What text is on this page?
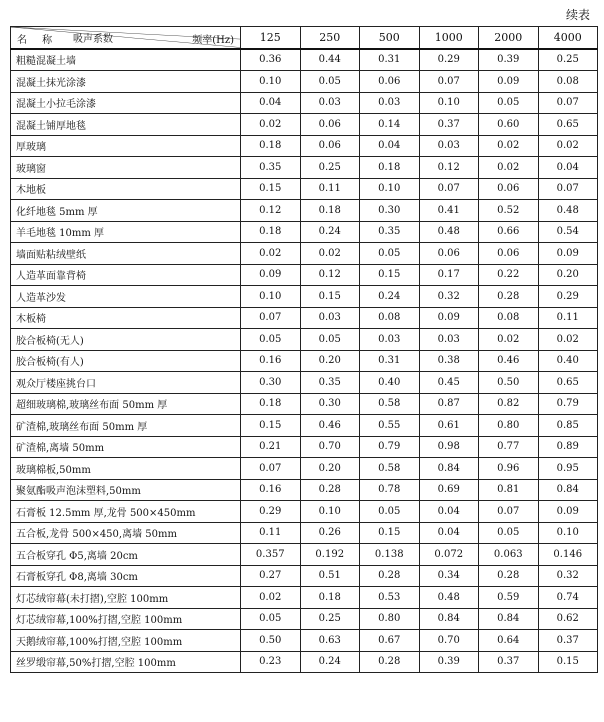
续表
吸声系数 频率(Hz)
名 称	125	250	500	1000	2000	4000
粗糙混凝土墙	0.36	0.44	0.31	0.29	0.39	0.25
混凝土抹光涂漆	0.10	0.05	0.06	0.07	0.09	0.08
混凝土小拉毛涂漆	0.04	0.03	0.03	0.10	0.05	0.07
混凝土铺厚地毯	0.02	0.06	0.14	0.37	0.60	0.65
厚玻璃	0.18	0.06	0.04	0.03	0.02	0.02
玻璃窗	0.35	0.25	0.18	0.12	0.02	0.04
木地板	0.15	0.11	0.10	0.07	0.06	0.07
化纤地毯 5mm 厚	0.12	0.18	0.30	0.41	0.52	0.48
羊毛地毯 10mm 厚	0.18	0.24	0.35	0.48	0.66	0.54
墙面贴粘绒壁纸	0.02	0.02	0.05	0.06	0.06	0.09
人造革面靠背椅	0.09	0.12	0.15	0.17	0.22	0.20
人造革沙发	0.10	0.15	0.24	0.32	0.28	0.29
木板椅	0.07	0.03	0.08	0.09	0.08	0.11
胶合板椅(无人)	0.05	0.05	0.03	0.03	0.02	0.02
胶合板椅(有人)	0.16	0.20	0.31	0.38	0.46	0.40
观众厅楼座挑台口	0.30	0.35	0.40	0.45	0.50	0.65
超细玻璃棉,玻璃丝布面 50mm 厚	0.18	0.30	0.58	0.87	0.82	0.79
矿渣棉,玻璃丝布面 50mm 厚	0.15	0.46	0.55	0.61	0.80	0.85
矿渣棉,离墙 50mm	0.21	0.70	0.79	0.98	0.77	0.89
玻璃棉板,50mm	0.07	0.20	0.58	0.84	0.96	0.95
聚氨酯吸声泡沫塑料,50mm	0.16	0.28	0.78	0.69	0.81	0.84
石膏板 12.5mm 厚,龙骨 500×450mm	0.29	0.10	0.05	0.04	0.07	0.09
五合板,龙骨 500×450,离墙 50mm	0.11	0.26	0.15	0.04	0.05	0.10
五合板穿孔 Φ5,离墙 20cm	0.357	0.192	0.138	0.072	0.063	0.146
石膏板穿孔 Φ8,离墙 30cm	0.27	0.51	0.28	0.34	0.28	0.32
灯芯绒帘幕(未打摺),空腔 100mm	0.02	0.18	0.53	0.48	0.59	0.74
灯芯绒帘幕,100%打摺,空腔 100mm	0.05	0.25	0.80	0.84	0.84	0.62
天鹅绒帘幕,100%打摺,空腔 100mm	0.50	0.63	0.67	0.70	0.64	0.37
丝罗缎帘幕,50%打摺,空腔 100mm	0.23	0.24	0.28	0.39	0.37	0.15
